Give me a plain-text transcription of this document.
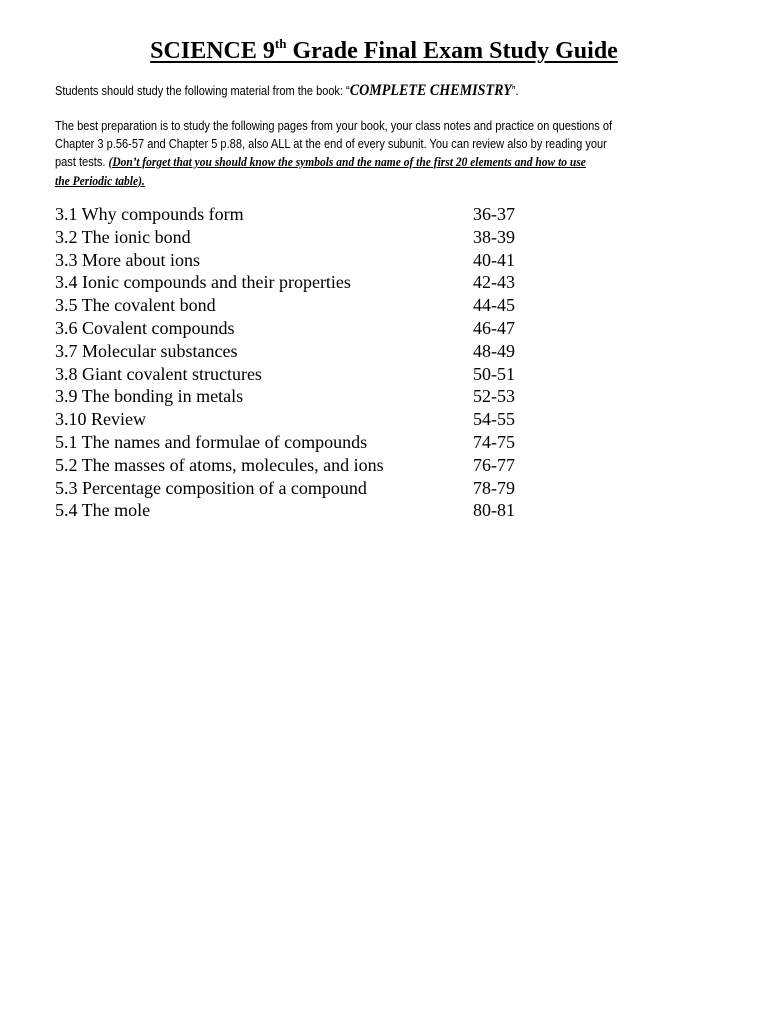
SCIENCE 9th Grade Final Exam Study Guide
Students should study the following material from the book: “COMPLETE CHEMISTRY”.
The best preparation is to study the following pages from your book, your class notes and practice on questions of
Chapter 3 p.56-57 and Chapter 5 p.88, also ALL at the end of every subunit. You can review also by reading your
past tests. (Don’t forget that you should know the symbols and the name of the first 20 elements and how to use
the Periodic table).
3.1 Why compounds form	36-37
3.2 The ionic bond	38-39
3.3 More about ions	40-41
3.4 Ionic compounds and their properties	42-43
3.5 The covalent bond	44-45
3.6 Covalent compounds	46-47
3.7 Molecular substances	48-49
3.8 Giant covalent structures	50-51
3.9 The bonding in metals	52-53
3.10 Review	54-55
5.1 The names and formulae of compounds	74-75
5.2 The masses of atoms, molecules, and ions	76-77
5.3 Percentage composition of a compound	78-79
5.4 The mole	80-81
